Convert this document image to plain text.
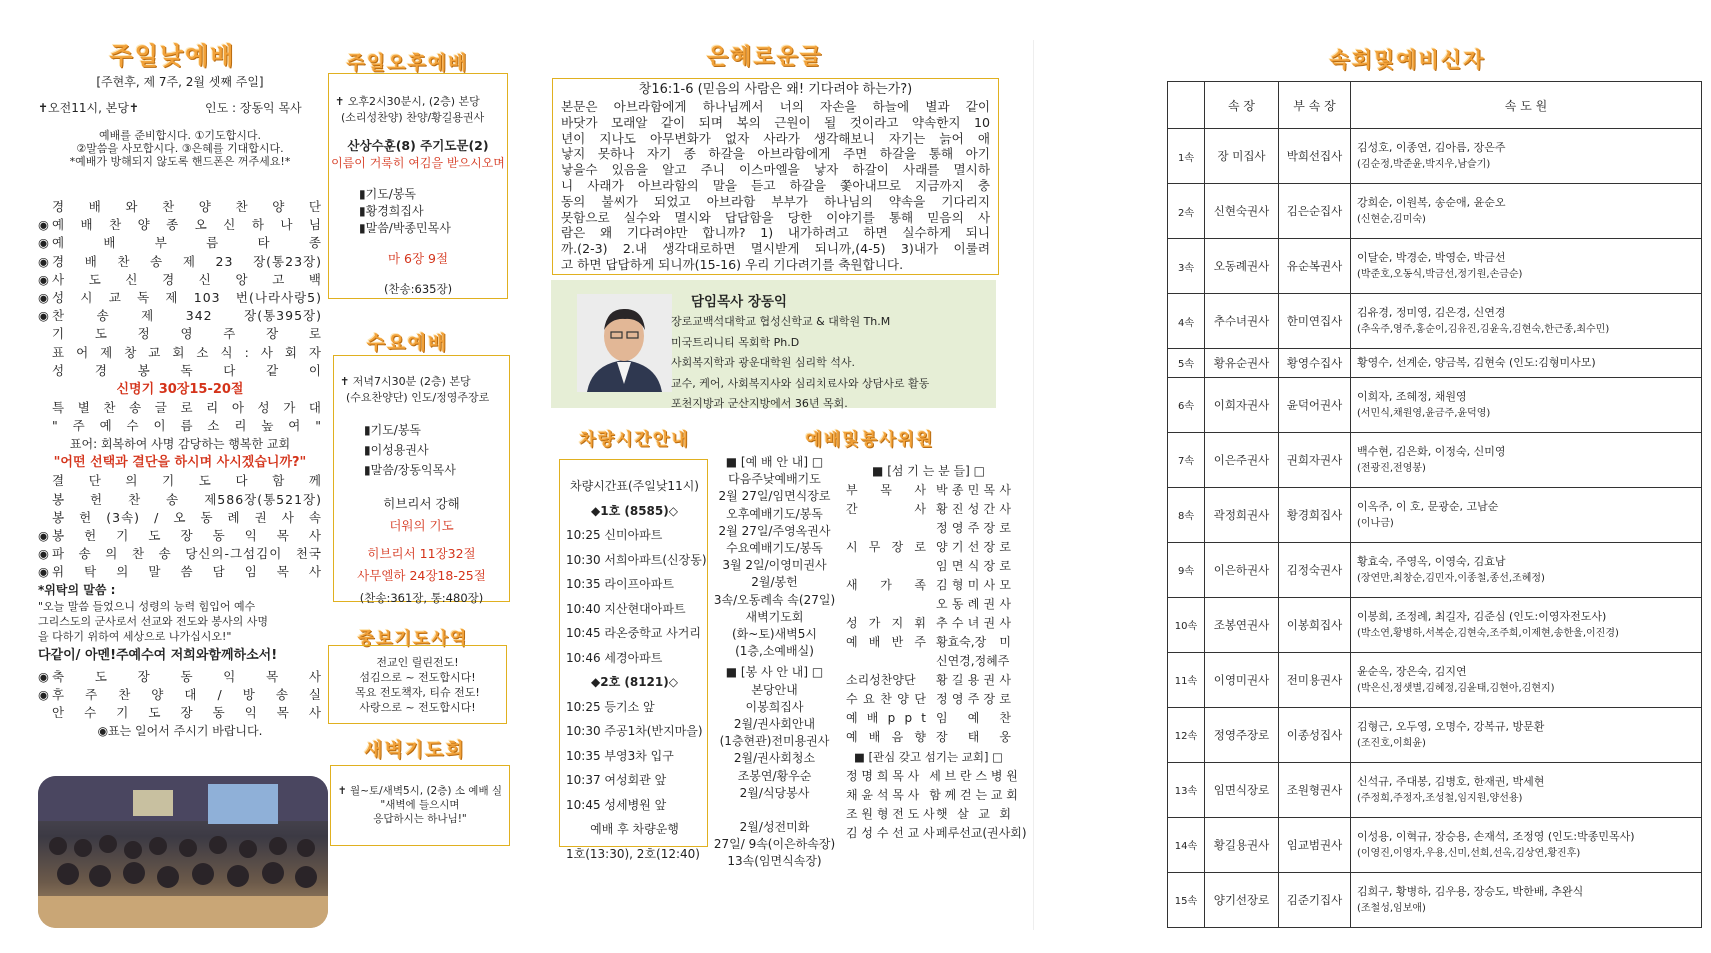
주일낮예배
[주현후, 제 7주, 2월 셋째 주일]
✝오전11시, 본당✝	인도 : 장동익 목사
예배를 준비합시다. ①기도합시다.
②말씀을 사모합시다. ③은혜를 기대합시다.
*예배가 방해되지 않도록 핸드폰은 꺼주세요!*
경 배 와 찬 양 찬 양 단
◉ 예 배 찬 양 종 오 신 하 나 님
◉ 예 배 부 름 타 종
◉ 경 배 찬 송 제 23 장(통23장)
◉ 사 도 신 경 신 앙 고 백
◉ 성 시 교 독 제 103 번(나라사랑5)
◉ 찬 송 제 342 장(통395장)
기 도 정 영 주 장 로
표 어 제 창 교 회 소 식 : 사 회 자
성 경 봉 독 다 같 이
신명기 30장15-20절
특 별 찬 송 글 로 리 아 성 가 대
" 주 예 수 이 름 소 리 높 여 "
표어: 회복하여 사명 감당하는 행복한 교회
"어떤 선택과 결단을 하시며 사시겠습니까?"
결 단 의 기 도 다 함 께
봉 헌 찬 송 제586장(통521장)
봉 헌 (3속) / 오 동 례 권 사 속
◉ 봉 헌 기 도 장 동 익 목 사
◉ 파 송 의 찬 송 당신의-그섬김이 천국
◉ 위 탁 의 말 씀 담 임 목 사
*위탁의 말씀 :
"오늘 말씀 들었으니 성령의 능력 힘입어 예수
그리스도의 군사로서 선교와 전도와 봉사의 사명
을 다하기 위하여 세상으로 나가십시오!"
다같이/ 아멘!주예수여 저희와함께하소서!
◉ 축 도 장 동 익 목 사
◉ 후 주 찬 양 대 / 방 송 실
안 수 기 도 장 동 익 목 사
◉표는 일어서 주시기 바랍니다.
주일오후예배
✝ 오후2시30분시, (2층) 본당
(소리성찬양) 찬양/황길용권사
산상수훈(8) 주기도문(2)
이름이 거룩히 여김을 받으시오며
▮기도/봉독
▮황경희집사
▮말씀/박종민목사
마 6장 9절
(찬송:635장)
수요예배
✝ 저녁7시30분 (2층) 본당
(수요찬양단) 인도/정영주장로
▮기도/봉독
▮이성용권사
▮말씀/장동익목사
히브리서 강해
더워의 기도
히브리서 11장32절
사무엘하 24장18-25절
(찬송:361장, 통:480장)
중보기도사역
전교인 릴린전도!
섬김으로 ~ 전도합시다!
목요 전도책자, 티슈 전도!
사랑으로 ~ 전도합시다!
새벽기도회
✝ 월~토/새벽5시, (2층) 소 예배 실
"새벽에 들으시며
응답하시는 하나님!"
은혜로운글
창16:1-6 (믿음의 사람은 왜! 기다려야 하는가?)
본문은 아브라함에게 하나님께서 너의 자손을 하늘에 별과 같이
바닷가 모래알 같이 되며 복의 근원이 될 것이라고 약속한지 10
년이 지나도 아무변화가 없자 사라가 생각해보니 자기는 늙어 애
낳지 못하나 자기 종 하갈을 아브라함에게 주면 하갈을 통해 아기
낳을수 있음을 알고 주니 이스마엘을 낳자 하갈이 사래를 멸시하
니 사래가 아브라함의 말을 듣고 하갈을 쫓아내므로 지금까지 충
동의 불씨가 되었고 아브라함 부부가 하나님의 약속을 기다리지
못함으로 실수와 멸시와 답답함을 당한 이야기를 통해 믿음의 사
람은 왜 기다려야만 합니까? 1) 내가하려고 하면 실수하게 되니
까.(2-3) 2.내 생각대로하면 멸시받게 되니까,(4-5) 3)내가 이룰려
고 하면 답답하게 되니까(15-16) 우리 기다려기를 축원합니다.
담임목사 장동익
장로교백석대학교 협성신학교 & 대학원 Th.M
미국트리니티 목회학 Ph.D
사회복지학과 광운대학원 심리학 석사.
교수, 케어, 사회복지사와 심리치료사와 상담사로 활동
포천지방과 군산지방에서 36년 목회.
차량시간안내
차량시간표(주일낮11시)
◆1호 (8585)◇
10:25 신미아파트
10:30 서희아파트(신장동)
10:35 라이프아파트
10:40 지산현대아파트
10:45 라온중학교 사거리
10:46 세경아파트
◆2호 (8121)◇
10:25 등기소 앞
10:30 주공1차(반지마을)
10:35 부영3차 입구
10:37 여성회관 앞
10:45 성세병원 앞
예배 후 차량운행
1호(13:30), 2호(12:40)
예배및봉사위원
■ [예 배 안 내] □
다음주낮예배기도
2월 27일/임면식장로
오후예배기도/봉독
2월 27일/주영옥권사
수요예배기도/봉독
3월 2일/이영미권사
2월/봉헌
3속/오동례속 속(27일)
새벽기도회
(화~토)새벽5시
(1층,소예배실)
■ [봉 사 안 내] □
본당안내
이봉희집사
2월/권사회안내
(1층현관)전미용권사
2월/권사회청소
조봉연/황우순
2월/식당봉사
2월/성전미화
27일/ 9속(이은하속장)
13속(임면식속장)
■ [섬 기 는 분 들] □
부 목 사 박 종 민 목 사
간 사 황 진 성 간 사
정 영 주 장 로
시 무 장 로 양 기 선 장 로
임 면 식 장 로
새 가 족 김 형 미 사 모
오 동 례 권 사
성 가 지 휘 추 수 녀 권 사
예 배 반 주 황효숙,장 미
신연경,정혜주
소리성찬양단	황 길 용 권 사
수 요 찬 양 단 정 영 주 장 로
예 배 p p t 임 예 찬
예 배 음 향 장 태 웅
■ [관심 갖고 섬기는 교회] □
정 명 희 목 사 세 브 란 스 병 원
채 윤 석 목 사 함 께 걷 는 교 회
조 원 형 전 도 사 햇 살 교 회
김 성 수 선 교 사 페루선교(권사회)
속회및예비신자
	속 장	부 속 장	속 도 원
1속	장 미집사	박희선집사	김성호, 이종연, 김아름, 장은주
(김순정,박준윤,박지우,남슬기)

2속	신현숙권사	김은순집사	강희순, 이원복, 송순애, 윤순오
(신현순,김미숙)

3속	오동례권사	유순복권사	이달순, 박경순, 박영순, 박금선
(박준호,오동식,박금선,정기원,손금순)

4속	추수녀권사	한미연집사	김유경, 정미영, 김은경, 신연경
(추옥주,영주,홍순이,김유진,김윤옥,김현숙,한근종,최수민)

5속	황유순권사	황영수집사	황영수, 선계순, 양금복, 김현숙 (인도:김형미사모)

6속	이희자권사	윤덕어권사	이희자, 조혜정, 채원영
(서민식,채원영,윤금주,윤덕영)

7속	이은주권사	권희자권사	백수현, 김은화, 이정숙, 신미영
(전광진,전영봉)

8속	곽정희권사	황경희집사	이옥주, 이 호, 문광순, 고남순
(이나금)

9속	이은하권사	김정숙권사	황효숙, 주영옥, 이영숙, 김효남
(장연만,최창순,김민자,이종철,종선,조혜정)

10속	조봉연권사	이봉희집사	이봉희, 조정례, 최길자, 김준심 (인도:이영자전도사)
(박소연,황병하,서복순,김현숙,조주희,이제현,송한울,이진경)

11속	이영미권사	전미용권사	윤순옥, 장은숙, 김지연
(박은신,정샛별,김혜정,김윤태,김현아,김현지)

12속	정영주장로	이종성집사	김형근, 오두영, 오명수, 강복규, 방문환
(조진호,이희윤)

13속	임면식장로	조원형권사	신석규, 주대봉, 김병호, 한재권, 박세현
(주정희,주정자,조성철,임지원,양선용)

14속	황길용권사	임교범권사	이성용, 이혁규, 장승용, 손재석, 조정영 (인도:박종민목사)
(이영진,이영자,우용,신미,선희,선옥,김상연,황진후)

15속	양기선장로	김준기집사	김희구, 황병하, 김우용, 장승도, 박한배, 추완식
(조철성,임보애)
